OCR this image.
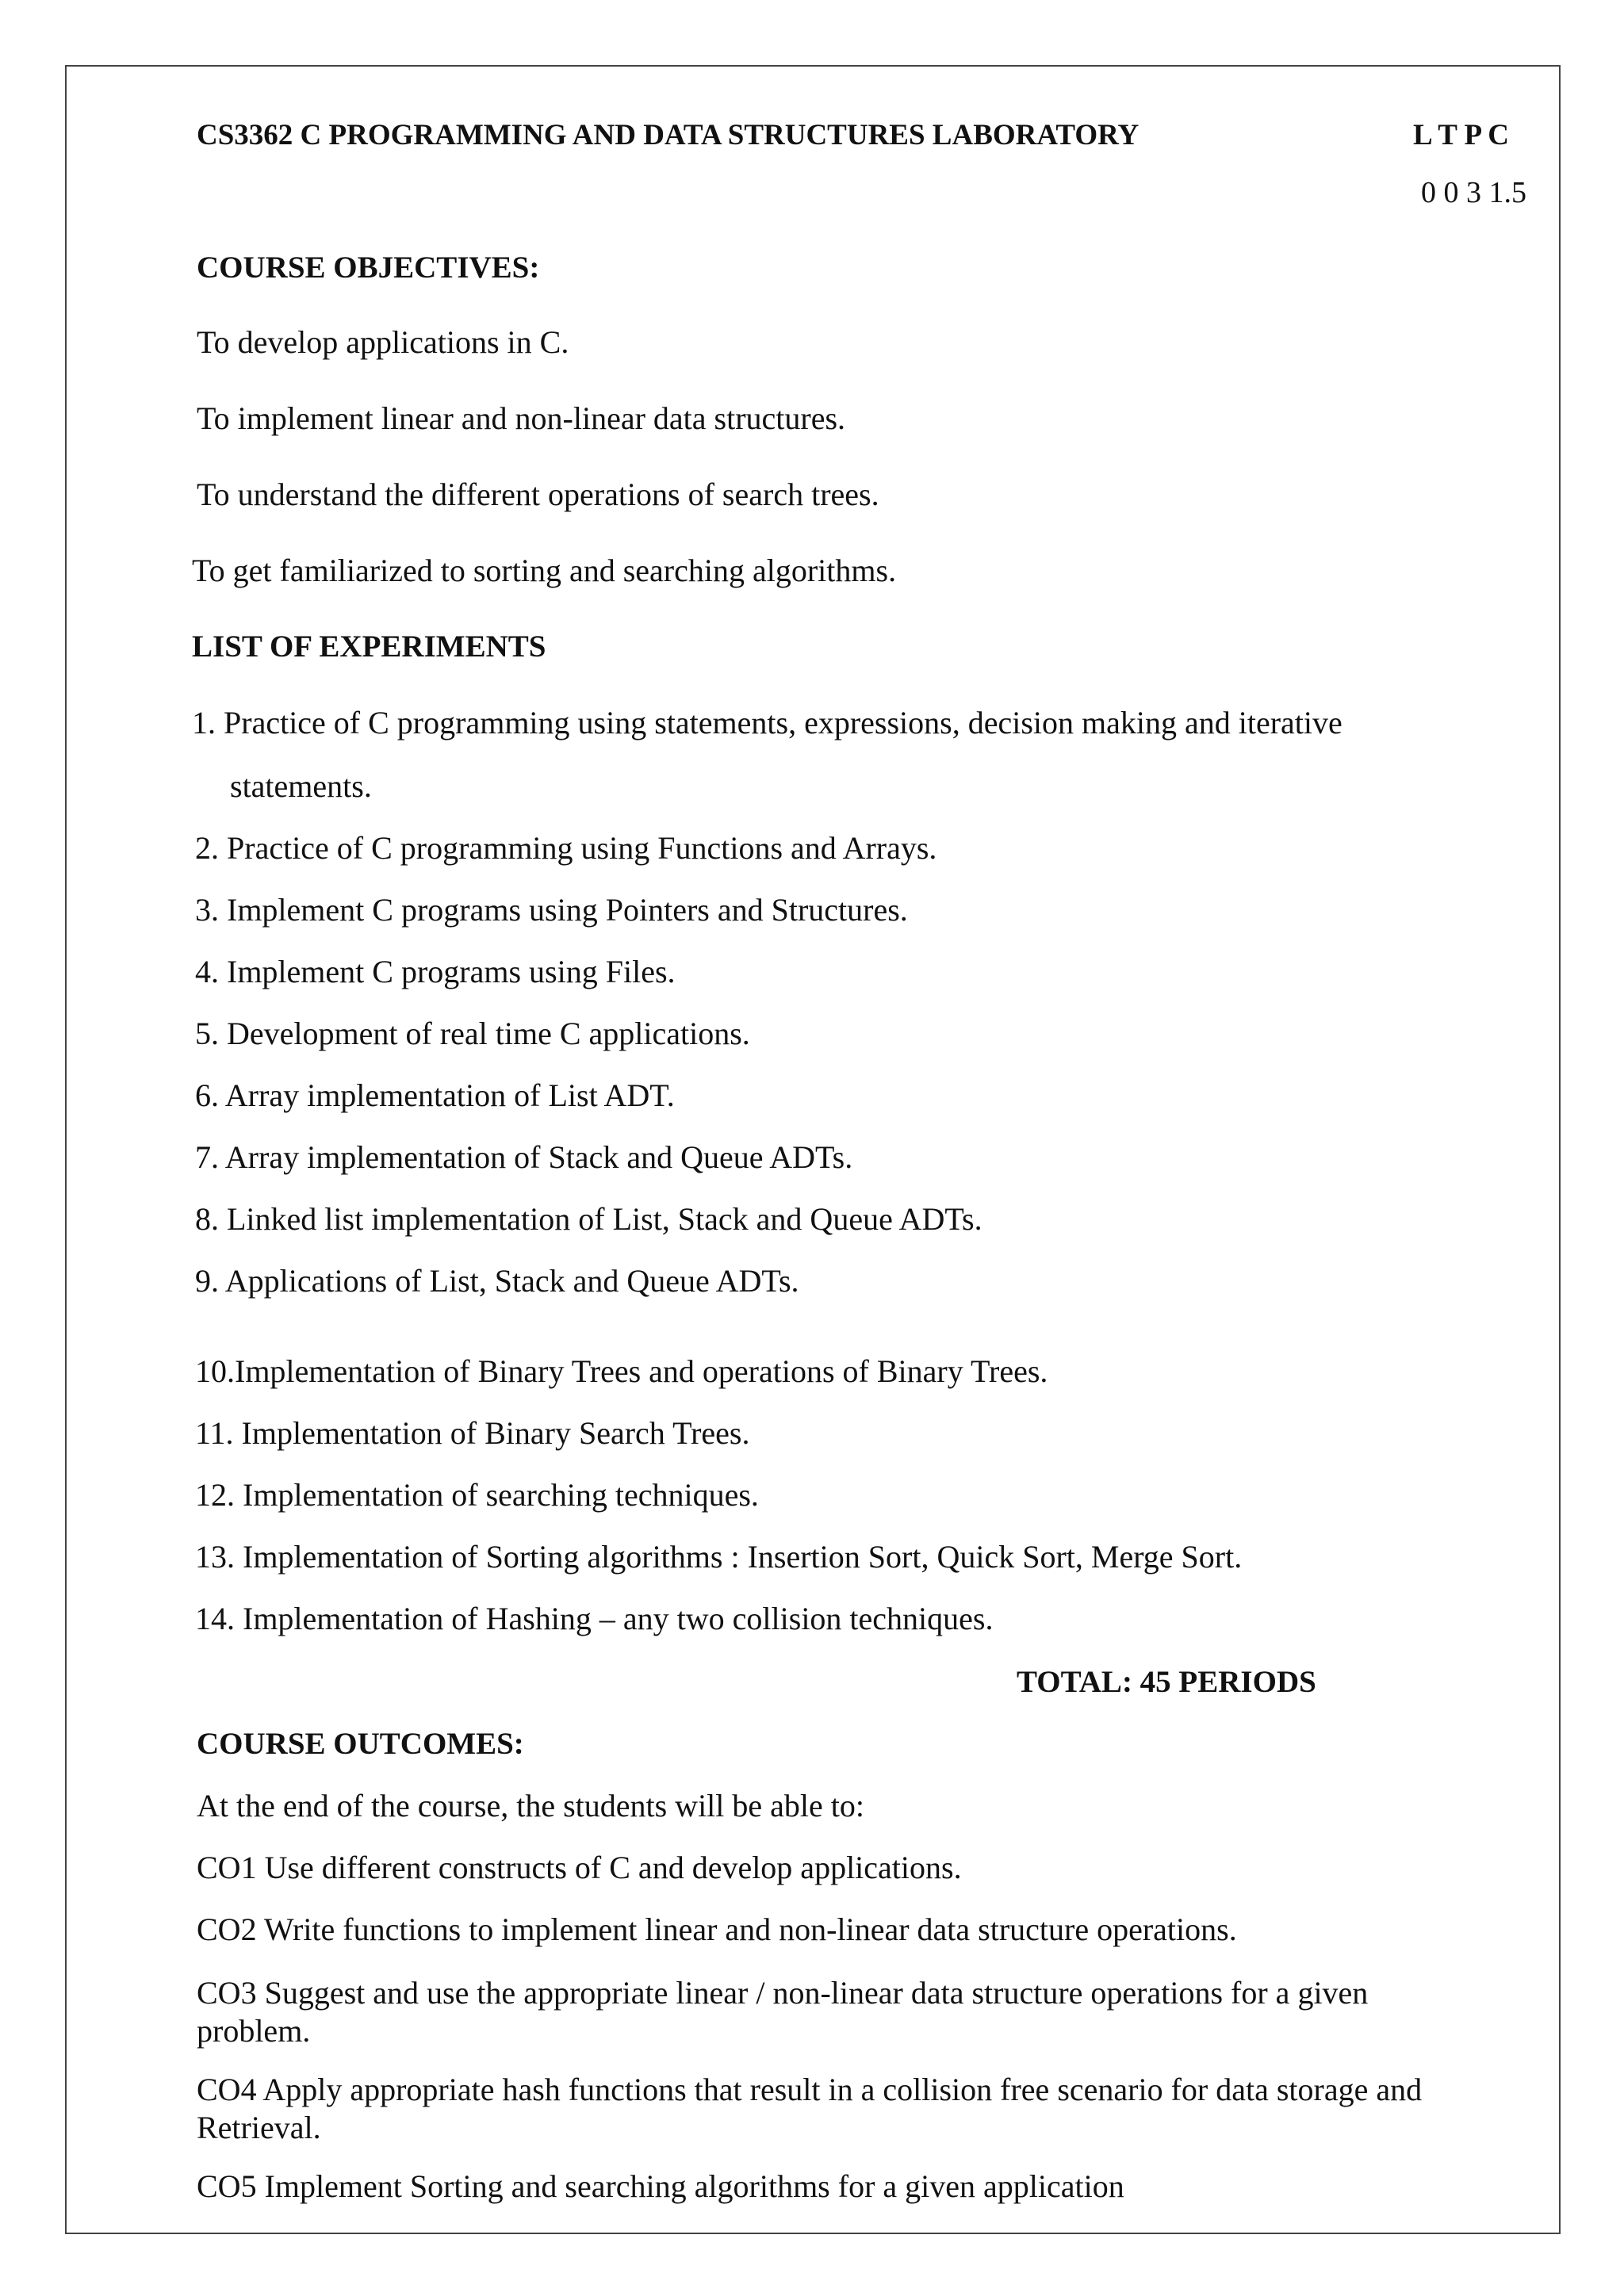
CS3362 C PROGRAMMING AND DATA STRUCTURES LABORATORY	L T P C
0 0 3 1.5
COURSE OBJECTIVES:
To develop applications in C.
To implement linear and non-linear data structures.
To understand the different operations of search trees.
To get familiarized to sorting and searching algorithms.
LIST OF EXPERIMENTS
1. Practice of C programming using statements, expressions, decision making and iterative
statements.
2. Practice of C programming using Functions and Arrays.
3. Implement C programs using Pointers and Structures.
4. Implement C programs using Files.
5. Development of real time C applications.
6. Array implementation of List ADT.
7. Array implementation of Stack and Queue ADTs.
8. Linked list implementation of List, Stack and Queue ADTs.
9. Applications of List, Stack and Queue ADTs.
10.Implementation of Binary Trees and operations of Binary Trees.
11. Implementation of Binary Search Trees.
12. Implementation of searching techniques.
13. Implementation of Sorting algorithms : Insertion Sort, Quick Sort, Merge Sort.
14. Implementation of Hashing – any two collision techniques.
TOTAL: 45 PERIODS
COURSE OUTCOMES:
At the end of the course, the students will be able to:
CO1 Use different constructs of C and develop applications.
CO2 Write functions to implement linear and non-linear data structure operations.
CO3 Suggest and use the appropriate linear / non-linear data structure operations for a given
problem.
CO4 Apply appropriate hash functions that result in a collision free scenario for data storage and
Retrieval.
CO5 Implement Sorting and searching algorithms for a given application
